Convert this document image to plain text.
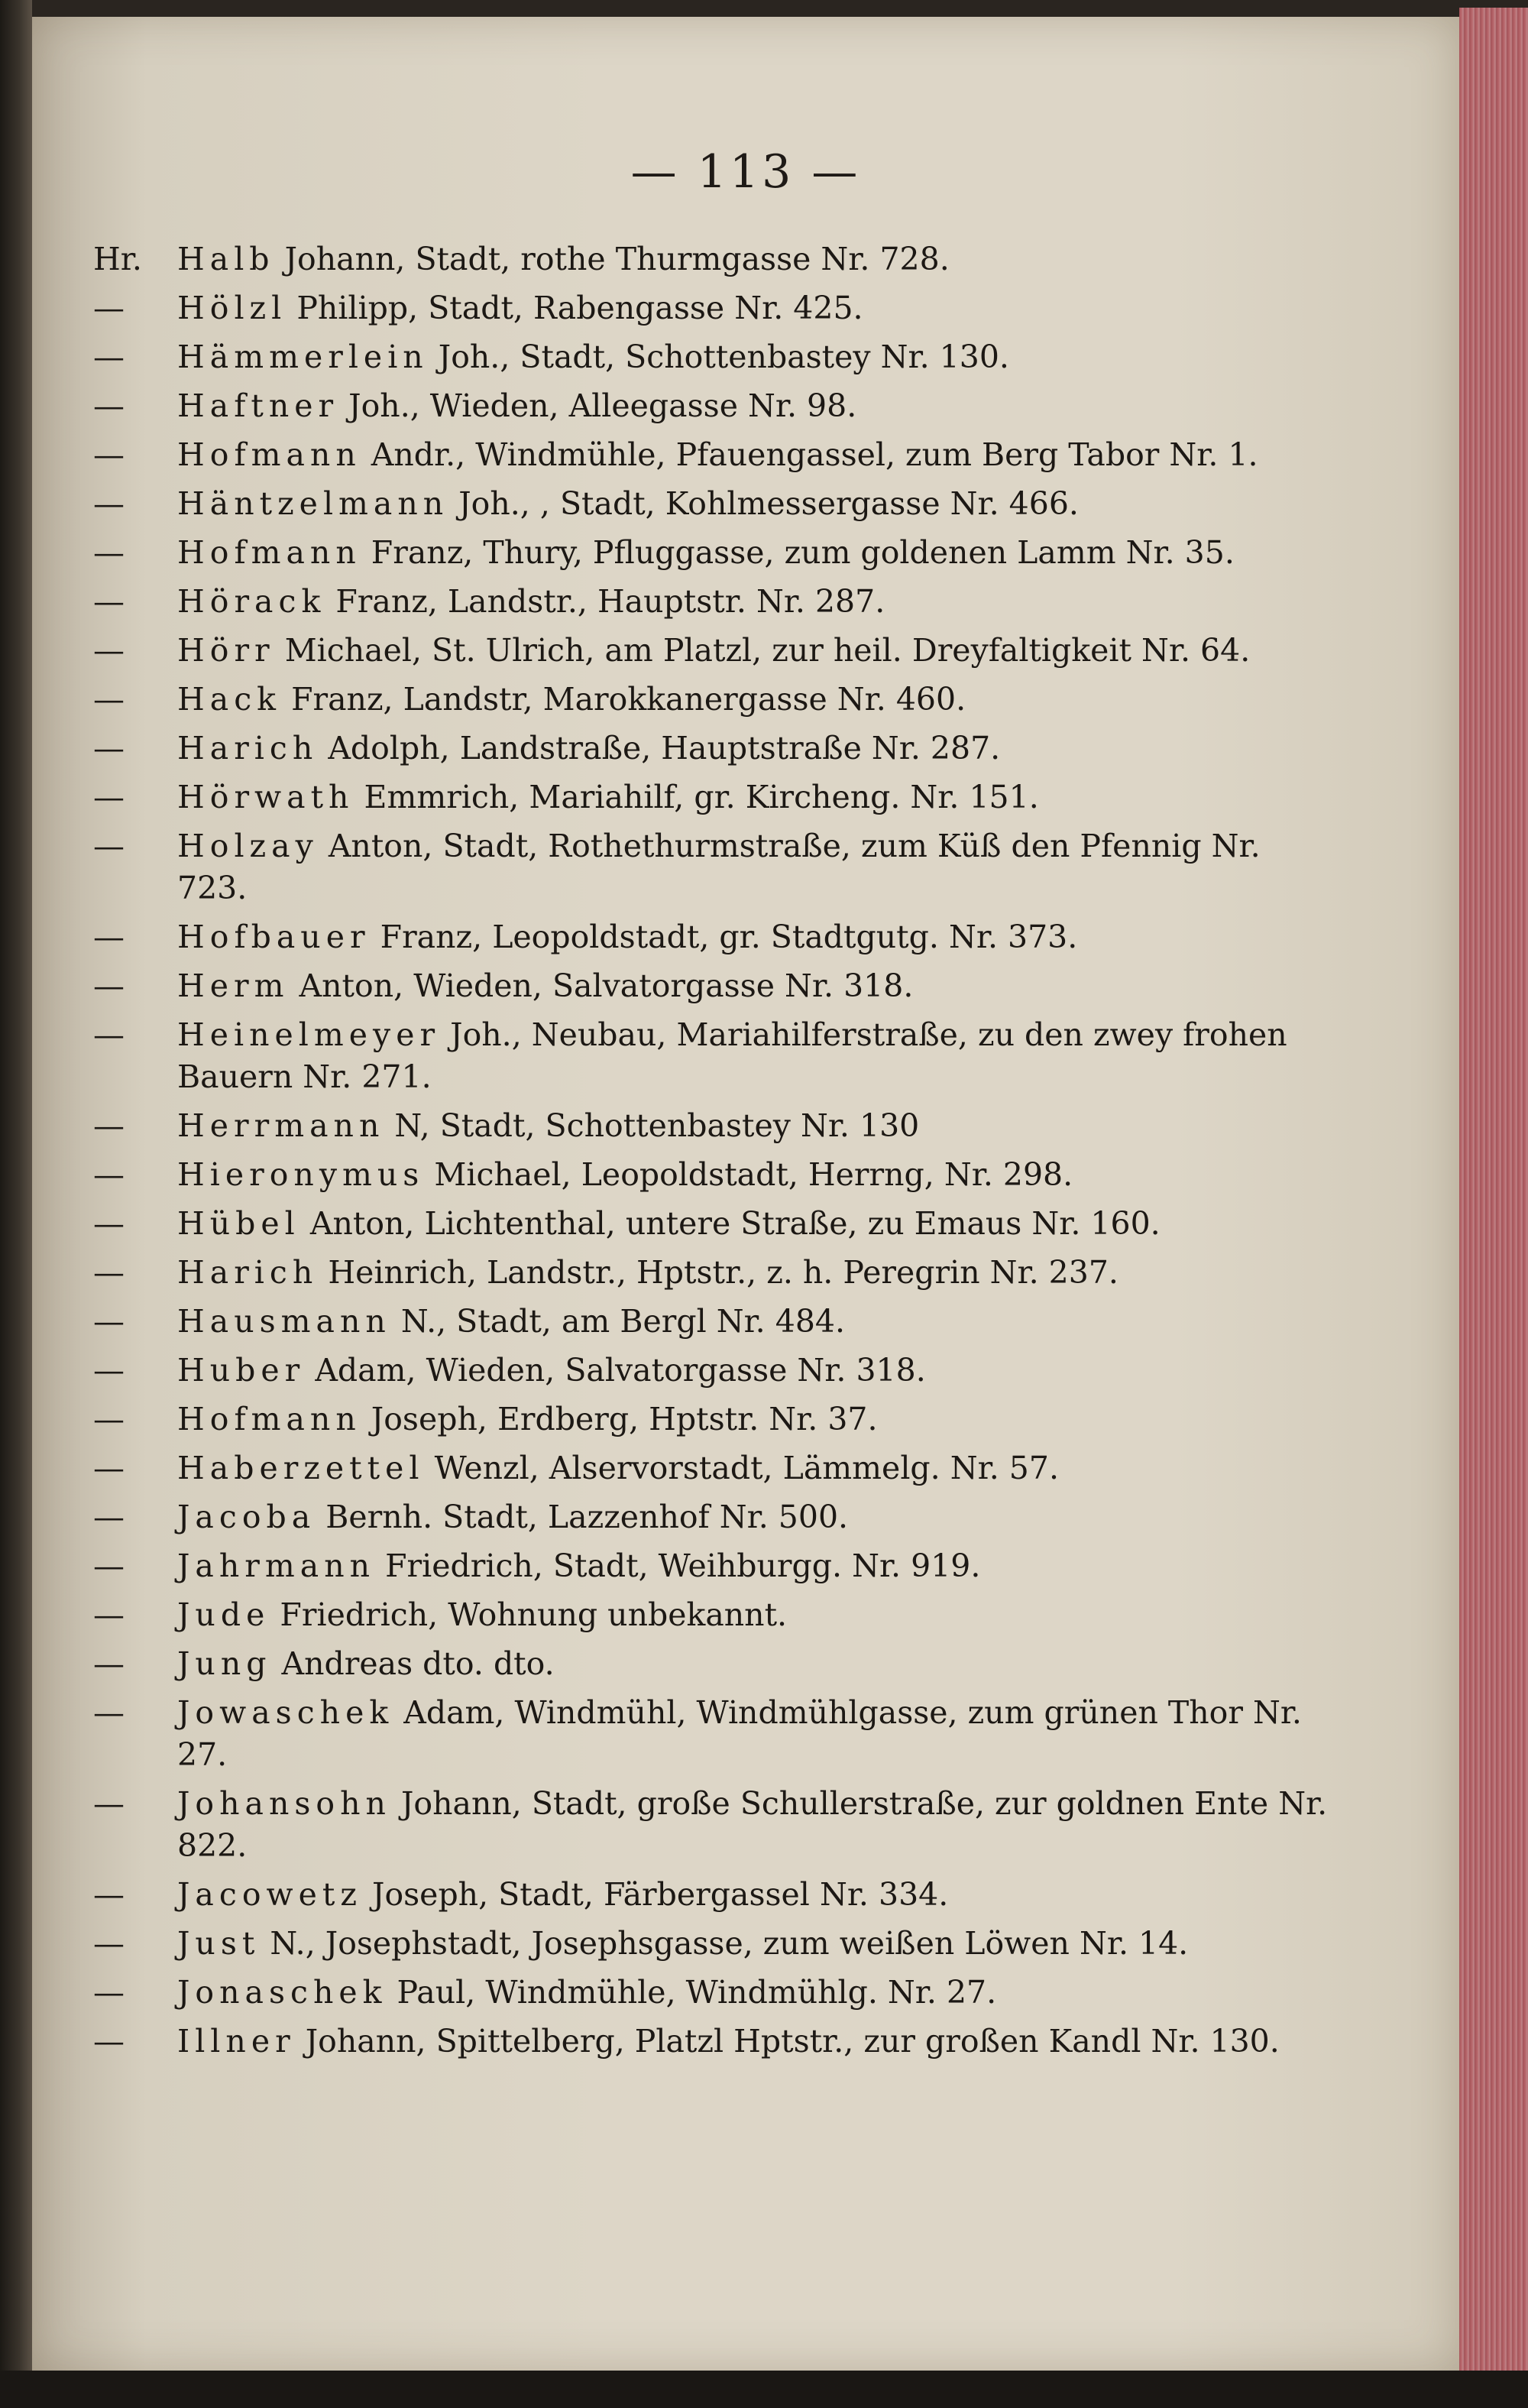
— 113 —
Hr.	Halb Johann, Stadt, rothe Thurmgasse Nr. 728.
—	Hölzl Philipp, Stadt, Rabengasse Nr. 425.
—	Hämmerlein Joh., Stadt, Schottenbastey Nr. 130.
—	Haftner Joh., Wieden, Alleegasse Nr. 98.
—	Hofmann Andr., Windmühle, Pfauengassel, zum Berg Tabor Nr. 1.
—	Häntzelmann Joh., , Stadt, Kohlmessergasse Nr. 466.
—	Hofmann Franz, Thury, Pfluggasse, zum goldenen Lamm Nr. 35.
—	Hörack Franz, Landstr., Hauptstr. Nr. 287.
—	Hörr Michael, St. Ulrich, am Platzl, zur heil. Dreyfaltigkeit Nr. 64.
—	Hack Franz, Landstr, Marokkanergasse Nr. 460.
—	Harich Adolph, Landstraße, Hauptstraße Nr. 287.
—	Hörwath Emmrich, Mariahilf, gr. Kircheng. Nr. 151.
—	Holzay Anton, Stadt, Rothethurmstraße, zum Küß den Pfennig Nr. 723.
—	Hofbauer Franz, Leopoldstadt, gr. Stadtgutg. Nr. 373.
—	Herm Anton, Wieden, Salvatorgasse Nr. 318.
—	Heinelmeyer Joh., Neubau, Mariahilferstraße, zu den zwey frohen Bauern Nr. 271.
—	Herrmann N, Stadt, Schottenbastey Nr. 130
—	Hieronymus Michael, Leopoldstadt, Herrng, Nr. 298.
—	Hübel Anton, Lichtenthal, untere Straße, zu Emaus Nr. 160.
—	Harich Heinrich, Landstr., Hptstr., z. h. Peregrin Nr. 237.
—	Hausmann N., Stadt, am Bergl Nr. 484.
—	Huber Adam, Wieden, Salvatorgasse Nr. 318.
—	Hofmann Joseph, Erdberg, Hptstr. Nr. 37.
—	Haberzettel Wenzl, Alservorstadt, Lämmelg. Nr. 57.
—	Jacoba Bernh. Stadt, Lazzenhof Nr. 500.
—	Jahrmann Friedrich, Stadt, Weihburgg. Nr. 919.
—	Jude Friedrich, Wohnung unbekannt.
—	Jung Andreas dto. dto.
—	Jowaschek Adam, Windmühl, Windmühlgasse, zum grünen Thor Nr. 27.
—	Johansohn Johann, Stadt, große Schullerstraße, zur goldnen Ente Nr. 822.
—	Jacowetz Joseph, Stadt, Färbergassel Nr. 334.
—	Just N., Josephstadt, Josephsgasse, zum weißen Löwen Nr. 14.
—	Jonaschek Paul, Windmühle, Windmühlg. Nr. 27.
—	Illner Johann, Spittelberg, Platzl Hptstr., zur großen Kandl Nr. 130.
